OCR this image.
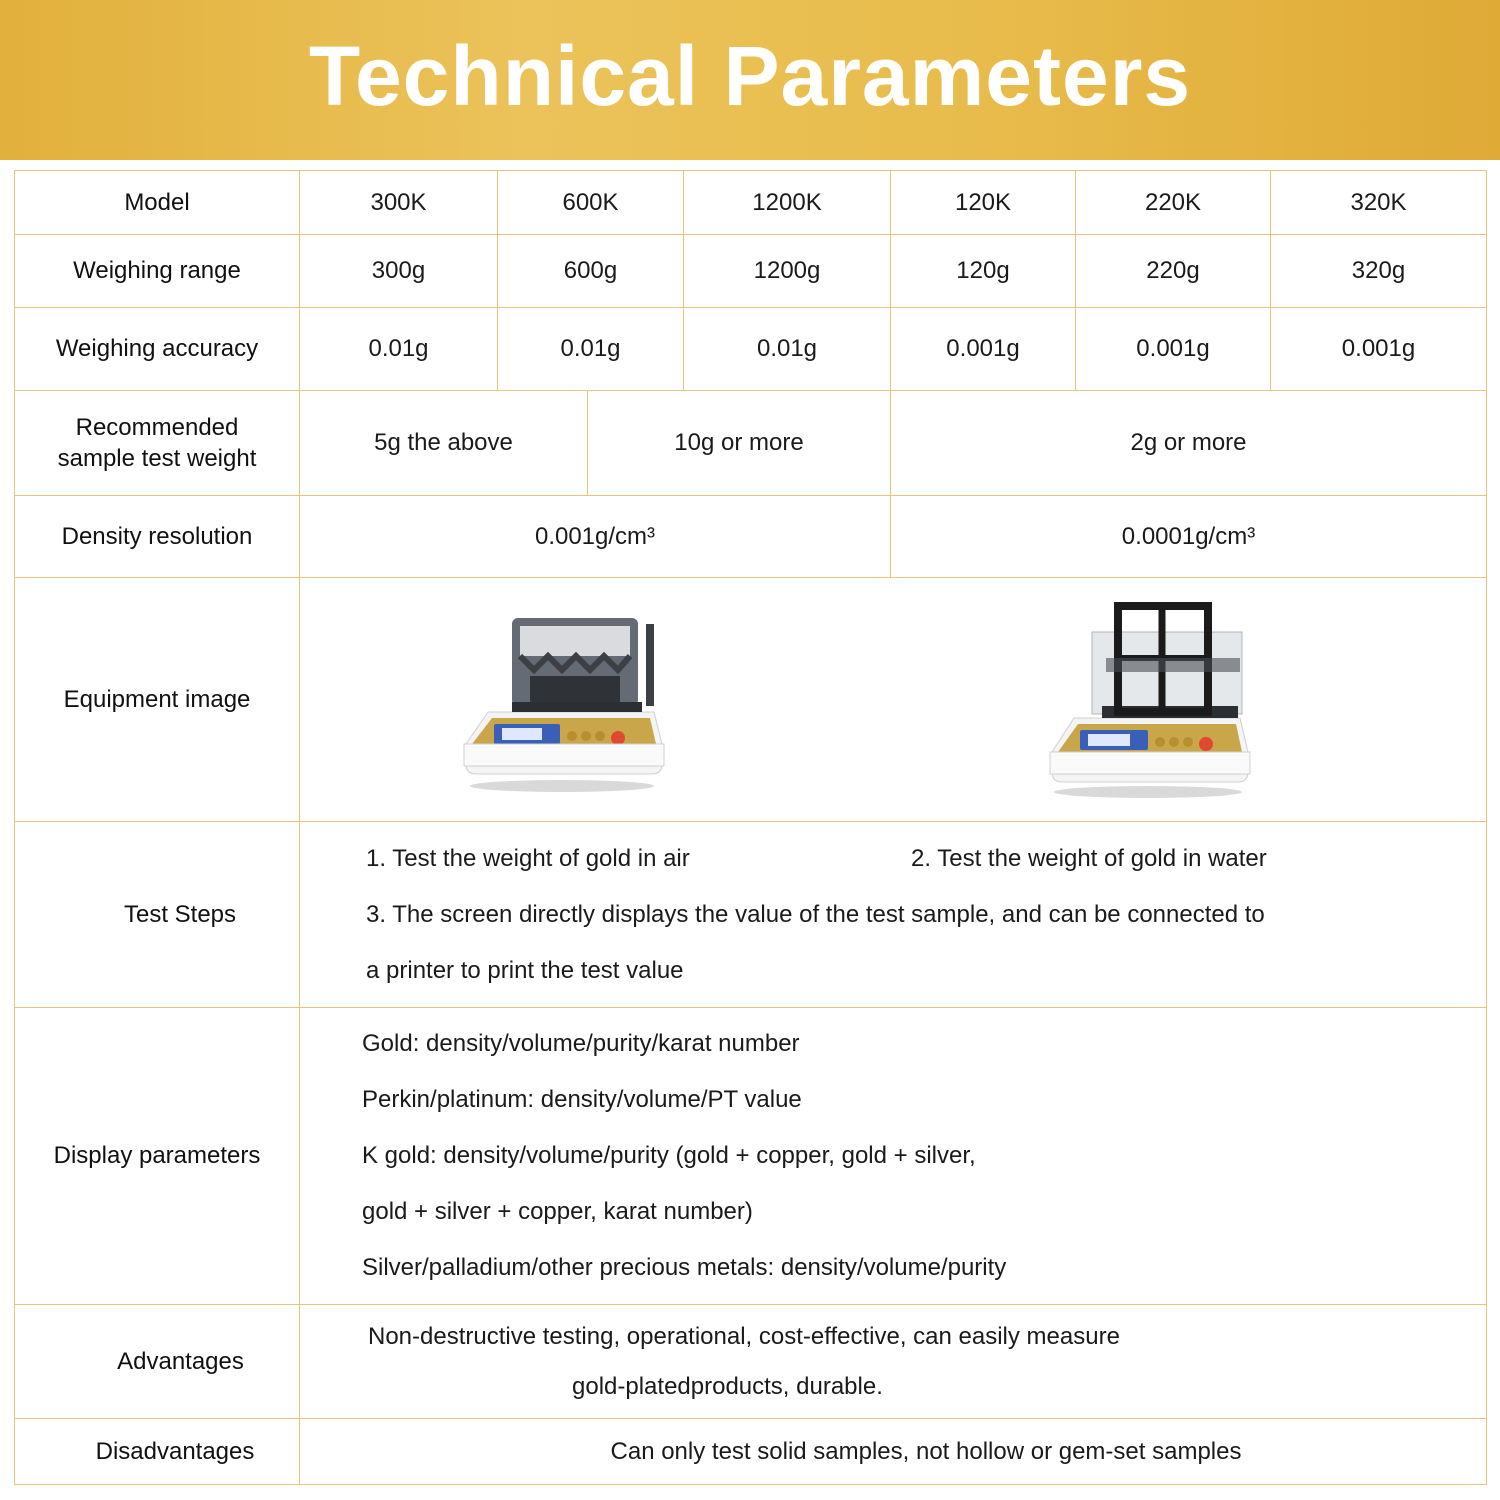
Technical Parameters
Model	300K	600K		1200K	120K	220K	320K
Weighing range	300g	600g		1200g	120g	220g	320g
Weighing accuracy	0.01g	0.01g		0.01g	0.001g	0.001g	0.001g

Recommended
sample test weight	5g the above		10g or more		2g or more		
Density resolution	0.001g/cm³				0.0001g/cm³		
Equipment image	

Test Steps	1. Test the weight of gold in air 2. Test the weight of gold in water
3. The screen directly displays the value of the test sample, and can be connected to
a printer to print the test value						

Display parameters	Gold: density/volume/purity/karat number
Perkin/platinum: density/volume/PT value
K gold: density/volume/purity (gold + copper, gold + silver,
gold + silver + copper, karat number)
Silver/palladium/other precious metals: density/volume/purity						

Advantages	Non-destructive testing, operational, cost-effective, can easily measure
gold-platedproducts, durable.						

Disadvantages	Can only test solid samples, not hollow or gem-set samples						
